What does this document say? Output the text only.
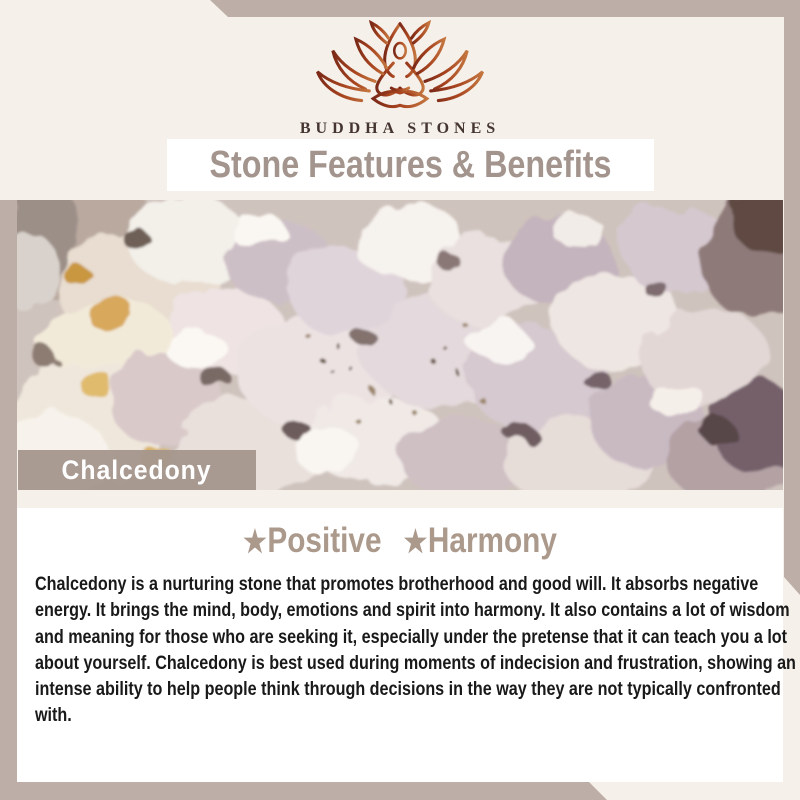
BUDDHA STONES
Stone Features & Benefits
Chalcedony
★Positive ★Harmony
Chalcedony is a nurturing stone that promotes brotherhood and good will. It absorbs negative energy. It brings the mind, body, emotions and spirit into harmony. It also contains a lot of wisdom and meaning for those who are seeking it, especially under the pretense that it can teach you a lot about yourself. Chalcedony is best used during moments of indecision and frustration, showing an intense ability to help people think through decisions in the way they are not typically confronted with.
